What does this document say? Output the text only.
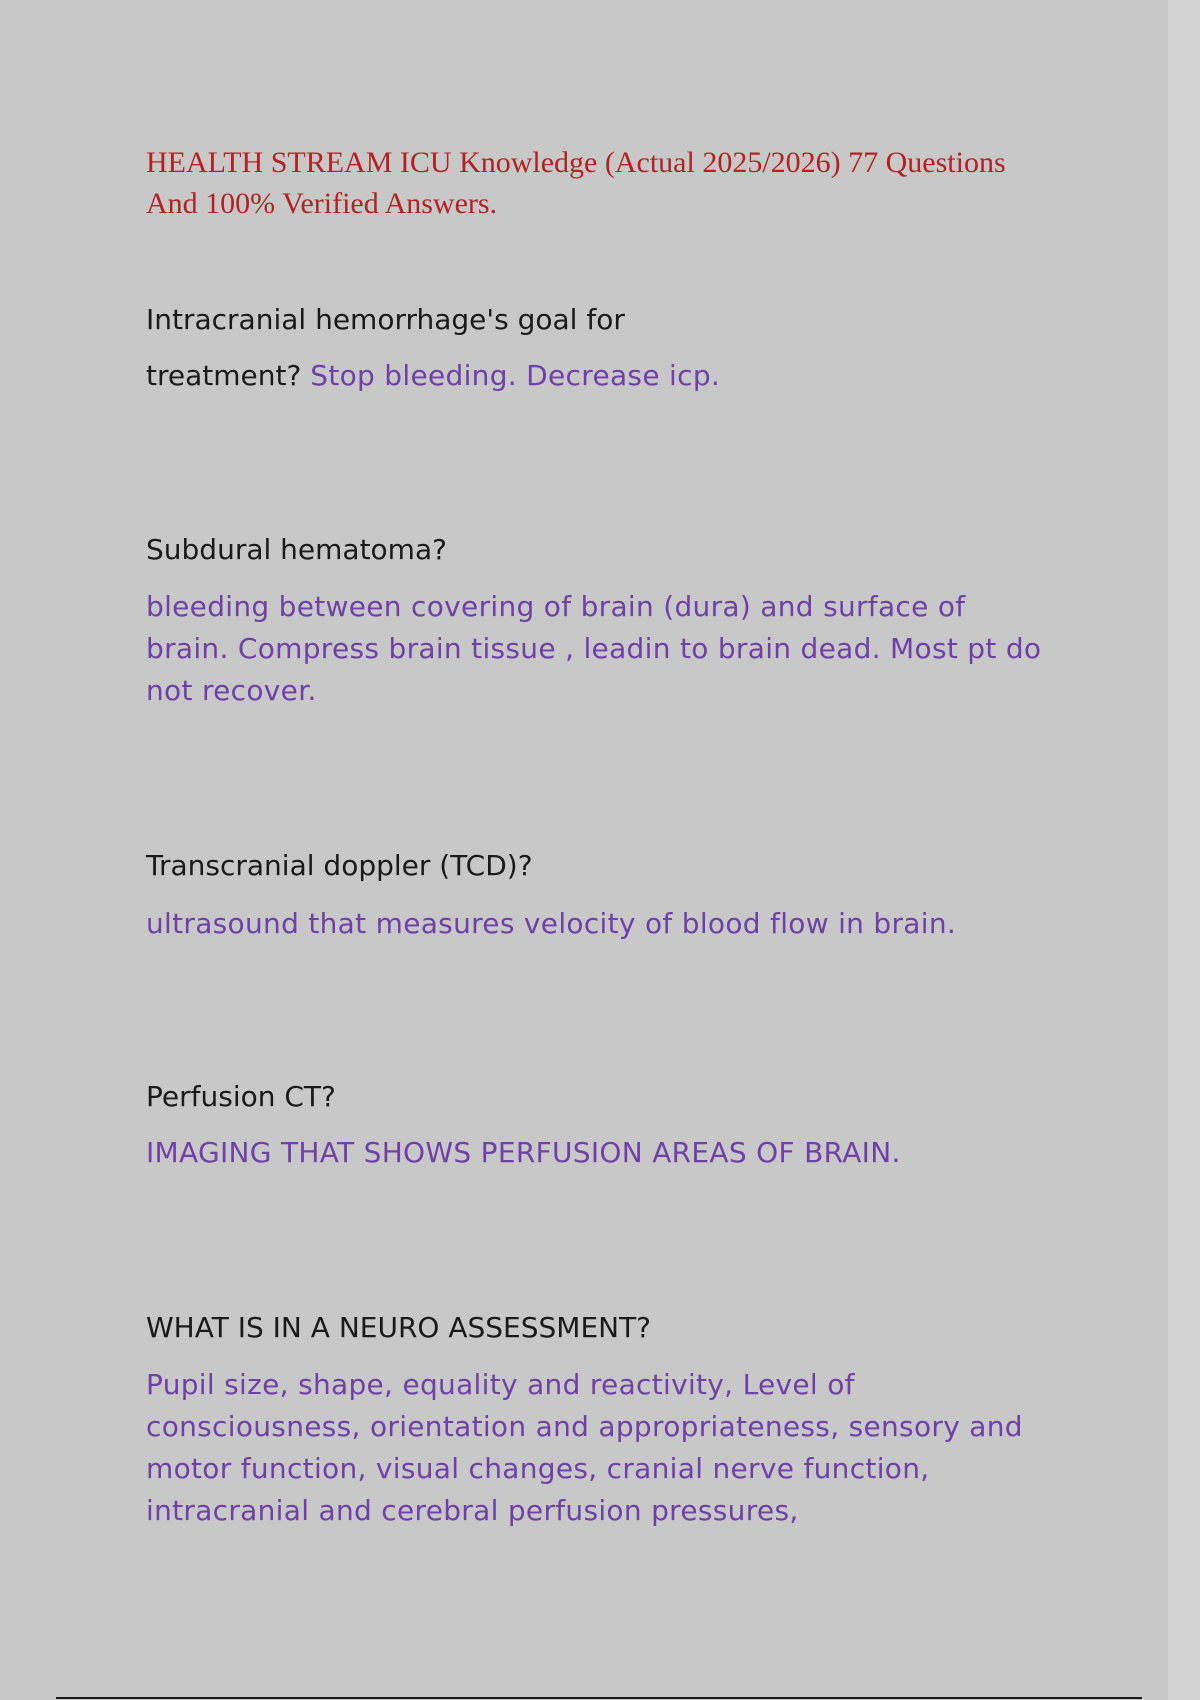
HEALTH STREAM ICU Knowledge (Actual 2025/2026) 77 Questions And 100% Verified Answers.

Intracranial hemorrhage's goal for
treatment? Stop bleeding. Decrease icp.

Subdural hematoma?

bleeding between covering of brain (dura) and surface of brain. Compress brain tissue , leadin to brain dead. Most pt do not recover.

Transcranial doppler (TCD)?

ultrasound that measures velocity of blood flow in brain.

Perfusion CT?

IMAGING THAT SHOWS PERFUSION AREAS OF BRAIN.

WHAT IS IN A NEURO ASSESSMENT?

Pupil size, shape, equality and reactivity, Level of consciousness, orientation and appropriateness, sensory and motor function, visual changes, cranial nerve function, intracranial and cerebral perfusion pressures,
